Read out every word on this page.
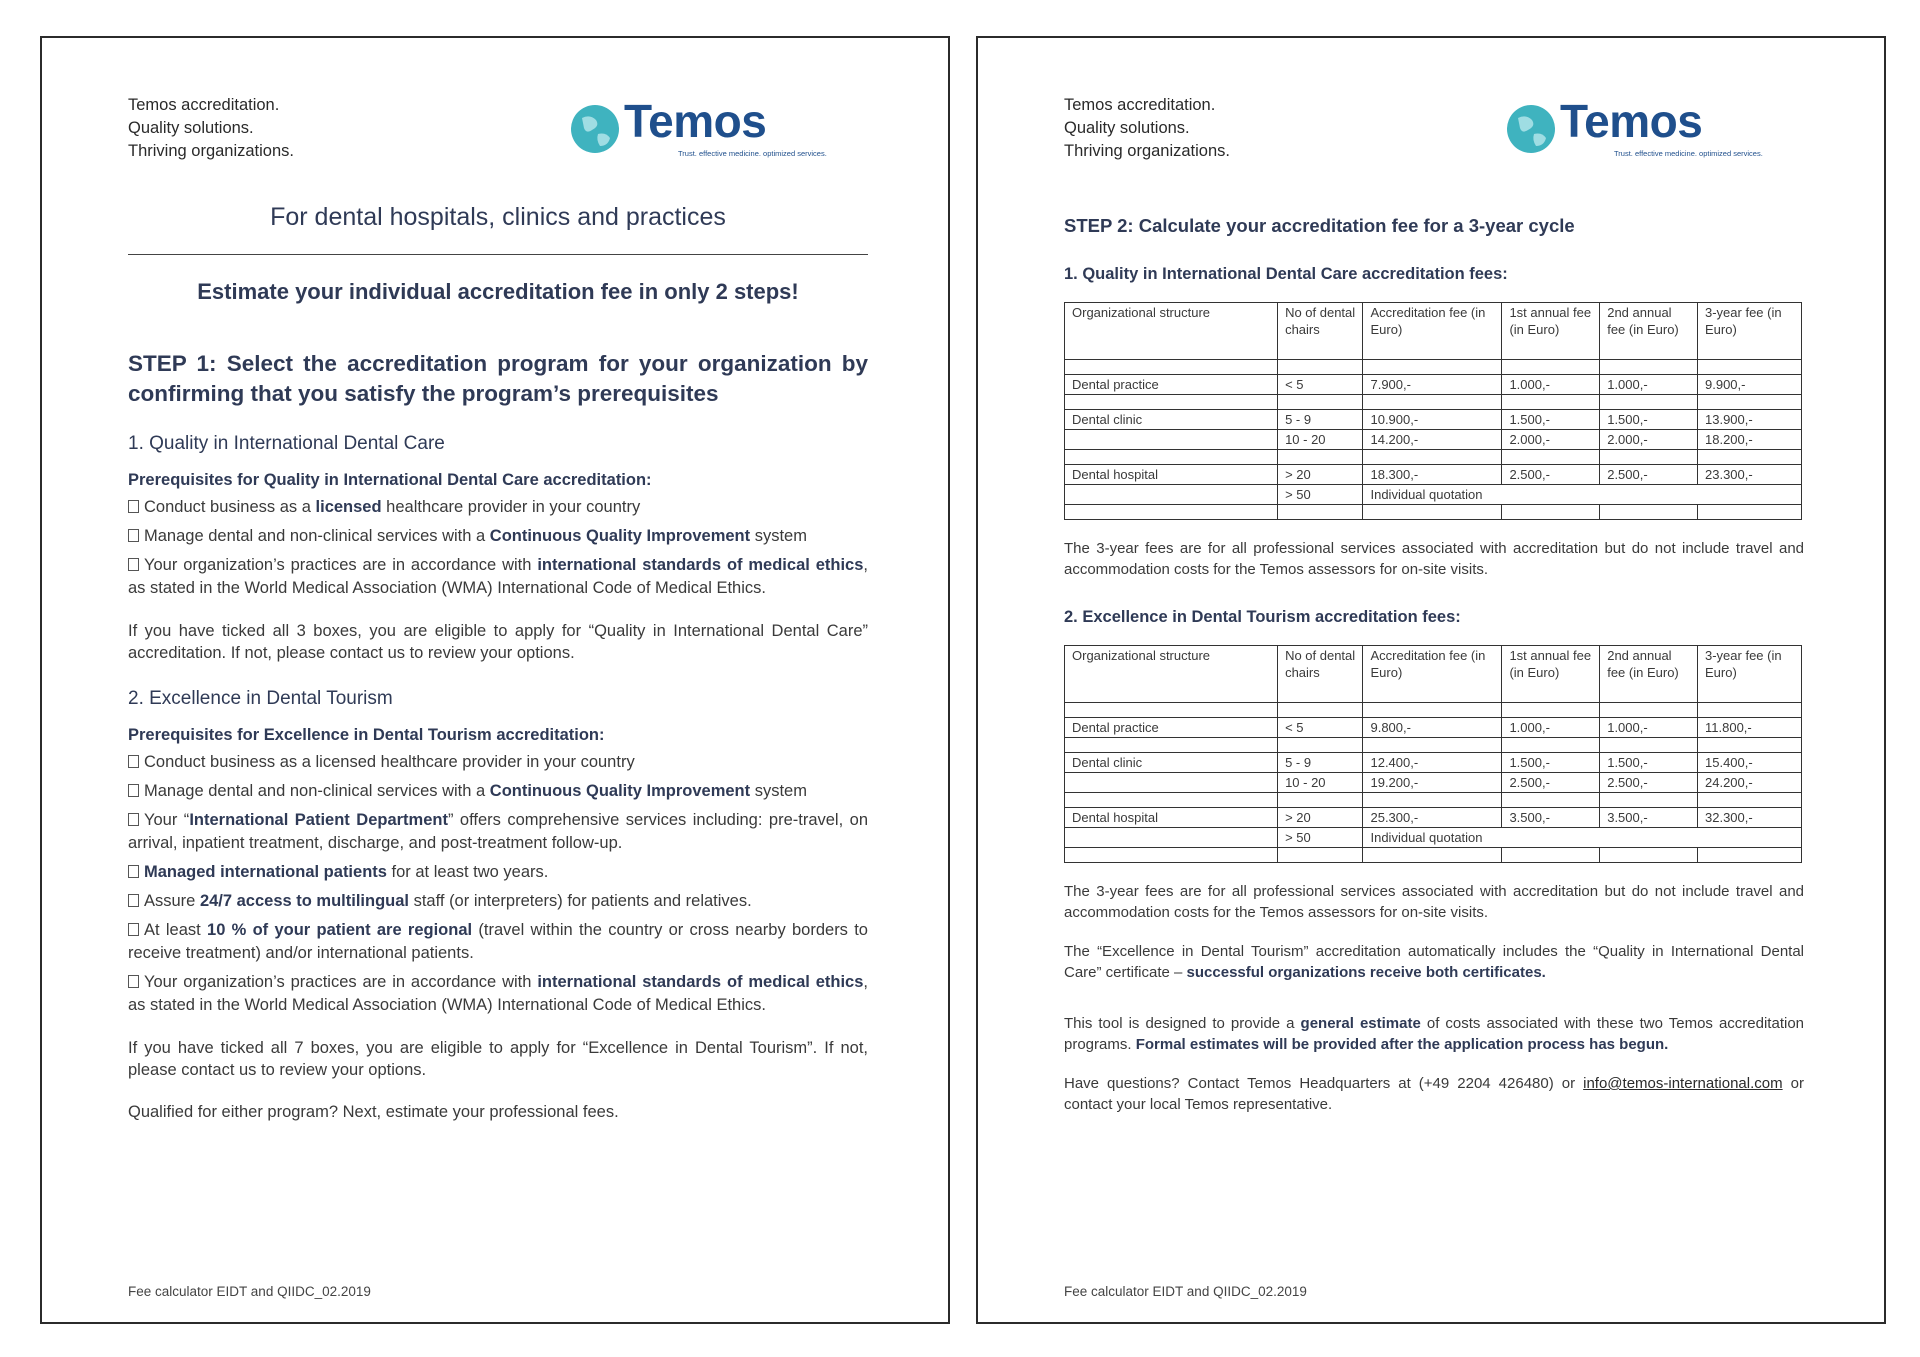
Temos
Trust. effective medicine. optimized services.
Temos accreditation.
Quality solutions.
Thriving organizations.
For dental hospitals, clinics and practices
Estimate your individual accreditation fee in only 2 steps!
STEP 1: Select the accreditation program for your organization by confirming that you satisfy the program’s prerequisites
1. Quality in International Dental Care
Prerequisites for Quality in International Dental Care accreditation:
Conduct business as a licensed healthcare provider in your country
Manage dental and non-clinical services with a Continuous Quality Improvement system
Your organization’s practices are in accordance with international standards of medical ethics, as stated in the World Medical Association (WMA) International Code of Medical Ethics.
If you have ticked all 3 boxes, you are eligible to apply for “Quality in International Dental Care” accreditation. If not, please contact us to review your options.
2. Excellence in Dental Tourism
Prerequisites for Excellence in Dental Tourism accreditation:
Conduct business as a licensed healthcare provider in your country
Manage dental and non-clinical services with a Continuous Quality Improvement system
Your “International Patient Department” offers comprehensive services including: pre-travel, on arrival, inpatient treatment, discharge, and post-treatment follow-up.
Managed international patients for at least two years.
Assure 24/7 access to multilingual staff (or interpreters) for patients and relatives.
At least 10 % of your patient are regional (travel within the country or cross nearby borders to receive treatment) and/or international patients.
Your organization’s practices are in accordance with international standards of medical ethics, as stated in the World Medical Association (WMA) International Code of Medical Ethics.
If you have ticked all 7 boxes, you are eligible to apply for “Excellence in Dental Tourism”. If not, please contact us to review your options.
Qualified for either program? Next, estimate your professional fees.
Fee calculator EIDT and QIIDC_02.2019
Temos
Trust. effective medicine. optimized services.
Temos accreditation.
Quality solutions.
Thriving organizations.
STEP 2: Calculate your accreditation fee for a 3-year cycle
1. Quality in International Dental Care accreditation fees:
Organizational structure	No of dental chairs	Accreditation fee (in Euro)	1st annual fee (in Euro)	2nd annual fee (in Euro)	3-year fee (in Euro)

Dental practice	< 5	7.900,-	1.000,-	1.000,-	9.900,-

Dental clinic	5 - 9	10.900,-	1.500,-	1.500,-	13.900,-
	10 - 20	14.200,-	2.000,-	2.000,-	18.200,-

Dental hospital	> 20	18.300,-	2.500,-	2.500,-	23.300,-
	> 50	Individual quotation			

The 3-year fees are for all professional services associated with accreditation but do not include travel and accommodation costs for the Temos assessors for on-site visits.
2. Excellence in Dental Tourism accreditation fees:
Organizational structure	No of dental chairs	Accreditation fee (in Euro)	1st annual fee (in Euro)	2nd annual fee (in Euro)	3-year fee (in Euro)

Dental practice	< 5	9.800,-	1.000,-	1.000,-	11.800,-

Dental clinic	5 - 9	12.400,-	1.500,-	1.500,-	15.400,-
	10 - 20	19.200,-	2.500,-	2.500,-	24.200,-

Dental hospital	> 20	25.300,-	3.500,-	3.500,-	32.300,-
	> 50	Individual quotation			

The 3-year fees are for all professional services associated with accreditation but do not include travel and accommodation costs for the Temos assessors for on-site visits.
The “Excellence in Dental Tourism” accreditation automatically includes the “Quality in International Dental Care” certificate – successful organizations receive both certificates.
This tool is designed to provide a general estimate of costs associated with these two Temos accreditation programs. Formal estimates will be provided after the application process has begun.
Have questions? Contact Temos Headquarters at (+49 2204 426480) or info@temos-international.com or contact your local Temos representative.
Fee calculator EIDT and QIIDC_02.2019
